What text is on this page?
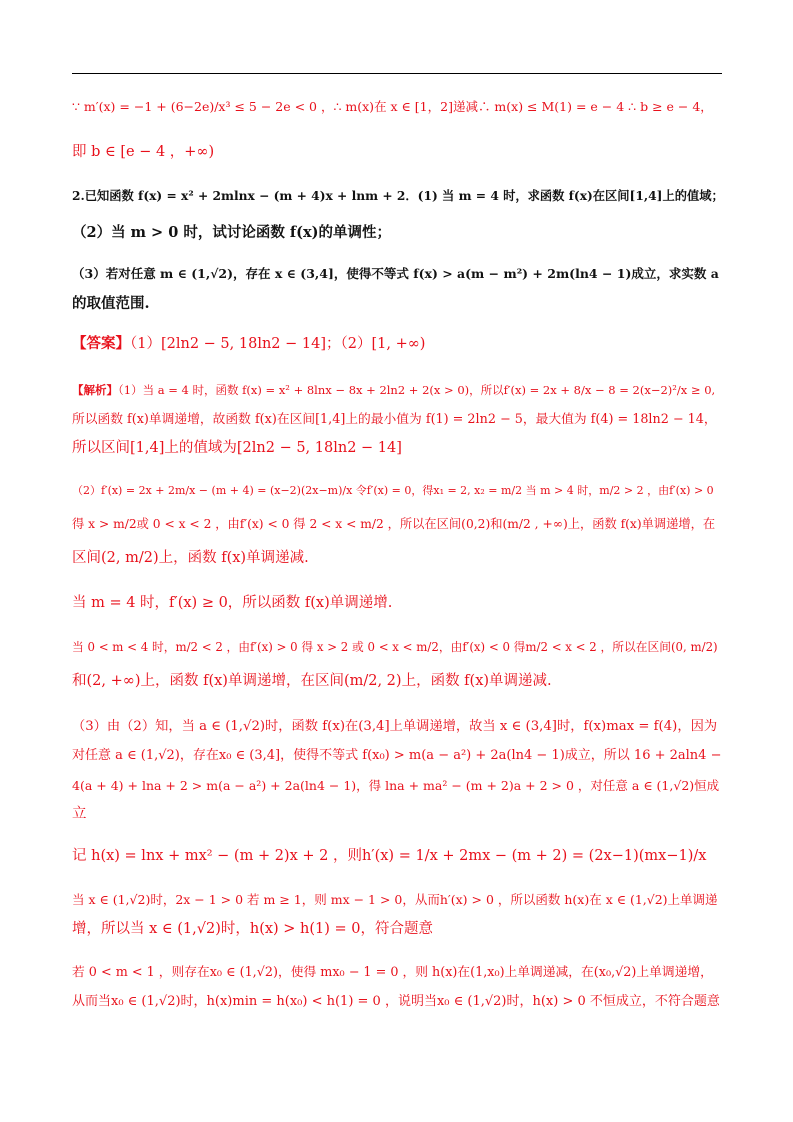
∵ m′(x) = −1 + (6−2e)/x³ ≤ 5 − 2e < 0 ，∴ m(x)在 x ∈ [1，2]递减∴ m(x) ≤ M(1) = e − 4 ∴ b ≥ e − 4，
即 b ∈ [e − 4 ，+∞)
2.已知函数 f(x) = x² + 2mlnx − (m + 4)x + lnm + 2．(1) 当 m = 4 时，求函数 f(x)在区间[1,4]上的值域；
（2）当 m > 0 时，试讨论函数 f(x)的单调性；
（3）若对任意 m ∈ (1,√2)，存在 x ∈ (3,4]，使得不等式 f(x) > a(m − m²) + 2m(ln4 − 1)成立，求实数 a
的取值范围.
【答案】（1）[2ln2 − 5, 18ln2 − 14]；（2）[1, +∞)
【解析】（1）当 a = 4 时，函数 f(x) = x² + 8lnx − 8x + 2ln2 + 2(x > 0)，所以f′(x) = 2x + 8/x − 8 = 2(x−2)²/x ≥ 0,
所以函数 f(x)单调递增，故函数 f(x)在区间[1,4]上的最小值为 f(1) = 2ln2 − 5，最大值为 f(4) = 18ln2 − 14，
所以区间[1,4]上的值域为[2ln2 − 5, 18ln2 − 14]
（2）f′(x) = 2x + 2m/x − (m + 4) = (x−2)(2x−m)/x 令f′(x) = 0，得x₁ = 2, x₂ = m/2 当 m > 4 时，m/2 > 2 ，由f′(x) > 0
得 x > m/2或 0 < x < 2 ，由f′(x) < 0 得 2 < x < m/2 ，所以在区间(0,2)和(m/2 , +∞)上，函数 f(x)单调递增，在
区间(2, m/2)上，函数 f(x)单调递减.
当 m = 4 时，f′(x) ≥ 0，所以函数 f(x)单调递增.
当 0 < m < 4 时，m/2 < 2 ，由f′(x) > 0 得 x > 2 或 0 < x < m/2，由f′(x) < 0 得m/2 < x < 2 ，所以在区间(0, m/2)
和(2, +∞)上，函数 f(x)单调递增，在区间(m/2, 2)上，函数 f(x)单调递减.
（3）由（2）知，当 a ∈ (1,√2)时，函数 f(x)在(3,4]上单调递增，故当 x ∈ (3,4]时，f(x)max = f(4)，因为
对任意 a ∈ (1,√2)，存在x₀ ∈ (3,4]，使得不等式 f(x₀) > m(a − a²) + 2a(ln4 − 1)成立，所以 16 + 2aln4 −
4(a + 4) + lna + 2 > m(a − a²) + 2a(ln4 − 1)，得 lna + ma² − (m + 2)a + 2 > 0 ，对任意 a ∈ (1,√2)恒成
立
记 h(x) = lnx + mx² − (m + 2)x + 2 ，则h′(x) = 1/x + 2mx − (m + 2) = (2x−1)(mx−1)/x
当 x ∈ (1,√2)时，2x − 1 > 0 若 m ≥ 1，则 mx − 1 > 0，从而h′(x) > 0 ，所以函数 h(x)在 x ∈ (1,√2)上单调递
增，所以当 x ∈ (1,√2)时，h(x) > h(1) = 0，符合题意
若 0 < m < 1 ，则存在x₀ ∈ (1,√2)，使得 mx₀ − 1 = 0 ，则 h(x)在(1,x₀)上单调递减，在(x₀,√2)上单调递增，
从而当x₀ ∈ (1,√2)时，h(x)min = h(x₀) < h(1) = 0 ，说明当x₀ ∈ (1,√2)时，h(x) > 0 不恒成立，不符合题意
